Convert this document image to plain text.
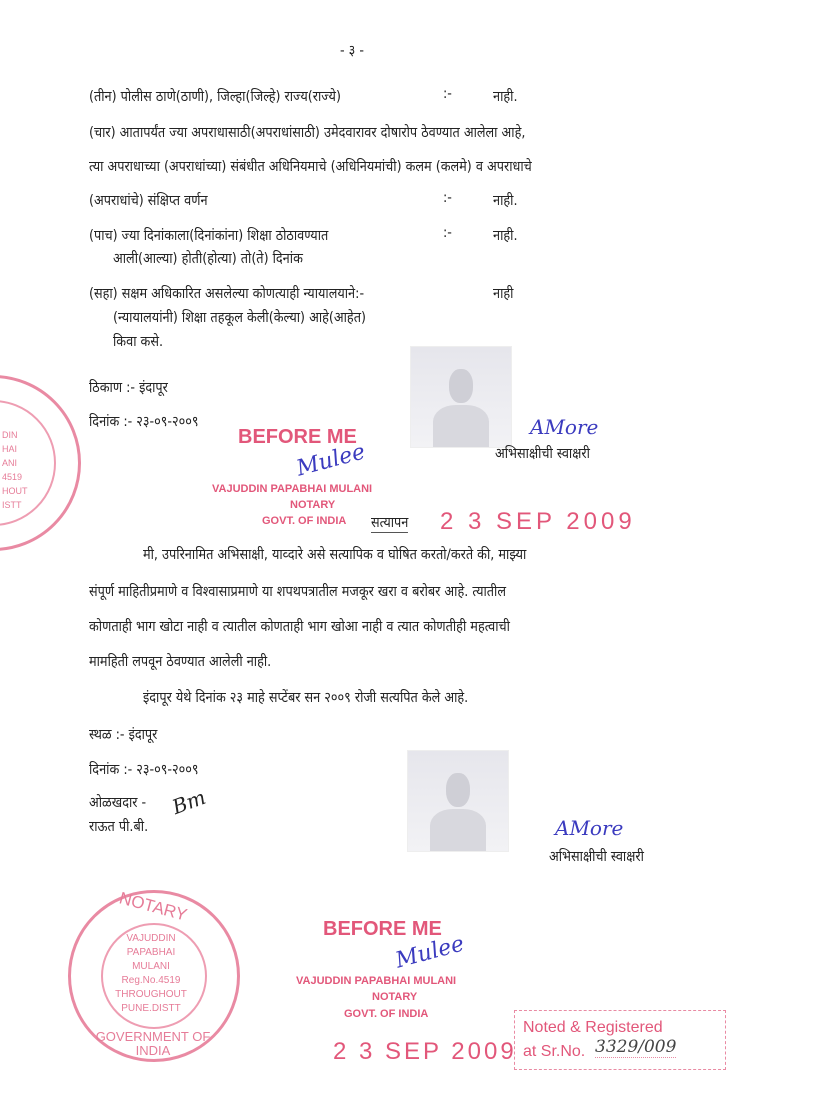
- ३ -
(तीन) पोलीस ठाणे(ठाणी), जिल्हा(जिल्हे) राज्य(राज्ये)	:-	नाही.
(चार) आतापर्यंत ज्या अपराधासाठी(अपराधांसाठी) उमेदवारावर दोषारोप ठेवण्यात आलेला आहे,
त्या अपराधाच्या (अपराधांच्या) संबंधीत अधिनियमाचे (अधिनियमांची) कलम (कलमे) व अपराधाचे
(अपराधांचे) संक्षिप्त वर्णन	:-	नाही.
(पाच) ज्या दिनांकाला(दिनांकांना) शिक्षा ठोठावण्यात	:-	नाही.
आली(आल्या) होती(होत्या) तो(ते) दिनांक
(सहा) सक्षम अधिकारित असलेल्या कोणत्याही न्यायालयाने:-	नाही
(न्यायालयांनी) शिक्षा तहकूल केली(केल्या) आहे(आहेत)
किवा कसे.
ठिकाण :- इंदापूर
दिनांक :- २३-०९-२००९
DIN
HAI
ANI
4519
HOUT
ISTT
BEFORE ME
Mulee
VAJUDDIN PAPABHAI MULANI
NOTARY
GOVT. OF INDIA सत्यापन 2 3 SEP 2009
AMore
अभिसाक्षीची स्वाक्षरी
मी, उपरिनामित अभिसाक्षी, याव्दारे असे सत्यापिक व घोषित करतो/करते की, माझ्या
संपूर्ण माहितीप्रमाणे व विश्वासाप्रमाणे या शपथपत्रातील मजकूर खरा व बरोबर आहे. त्यातील
कोणताही भाग खोटा नाही व त्यातील कोणताही भाग खोआ नाही व त्यात कोणतीही महत्वाची
मामहिती लपवून ठेवण्यात आलेली नाही.
इंदापूर येथे दिनांक २३ माहे सप्टेंबर सन २००९ रोजी सत्यपित केले आहे.
स्थळ :- इंदापूर
दिनांक :- २३-०९-२००९
ओळखदार -
राऊत पी.बी.
Bm
AMore
अभिसाक्षीची स्वाक्षरी
NOTARY
GOVERNMENT OF INDIA
VAJUDDIN
PAPABHAI
MULANI
Reg.No.4519
THROUGHOUT
PUNE.DISTT
BEFORE ME
Mulee
VAJUDDIN PAPABHAI MULANI
NOTARY
GOVT. OF INDIA
2 3 SEP 2009
Noted & Registered
at Sr.No. 3329/009
